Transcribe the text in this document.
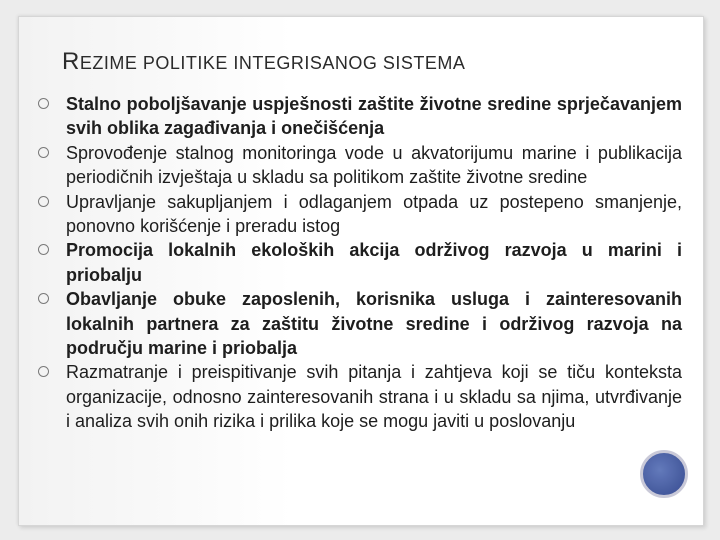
REZIME POLITIKE INTEGRISANOG SISTEMA
Stalno poboljšavanje uspješnosti zaštite životne sredine sprječavanjem svih oblika zagađivanja i onečišćenja
Sprovođenje stalnog monitoringa vode u akvatorijumu marine i publikacija periodičnih izvještaja u skladu sa politikom zaštite životne sredine
Upravljanje sakupljanjem i odlaganjem otpada uz postepeno smanjenje, ponovno korišćenje i preradu istog
Promocija lokalnih ekoloških akcija održivog razvoja u marini i priobalju
Obavljanje obuke zaposlenih, korisnika usluga i zainteresovanih lokalnih partnera za zaštitu životne sredine i održivog razvoja na području marine i priobalja
Razmatranje i preispitivanje svih pitanja i zahtjeva koji se tiču konteksta organizacije, odnosno zainteresovanih strana i u skladu sa njima, utvrđivanje i analiza svih onih rizika i prilika koje se mogu javiti u poslovanju
